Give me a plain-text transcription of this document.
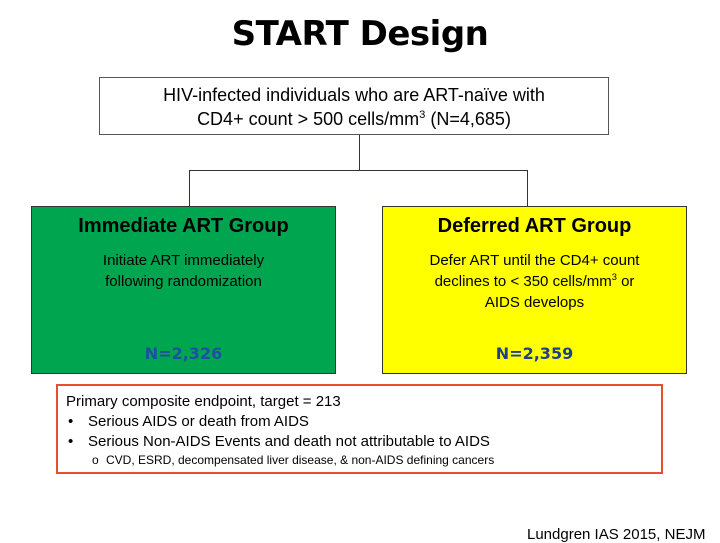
START Design
HIV-infected individuals who are ART-naïve with
CD4+ count > 500 cells/$mm^3$ (N=4,685)
Immediate ART Group
Initiate ART immediately
following randomization
N=2,326
Deferred ART Group
Defer ART until the CD4+ count
declines to < 350 cells/$mm^3$ or
AIDS develops
N=2,359
Primary composite endpoint, target = 213
• Serious AIDS or death from AIDS
• Serious Non-AIDS Events and death not attributable to AIDS
o CVD, ESRD, decompensated liver disease, & non-AIDS defining cancers
Lundgren IAS 2015, NEJM
